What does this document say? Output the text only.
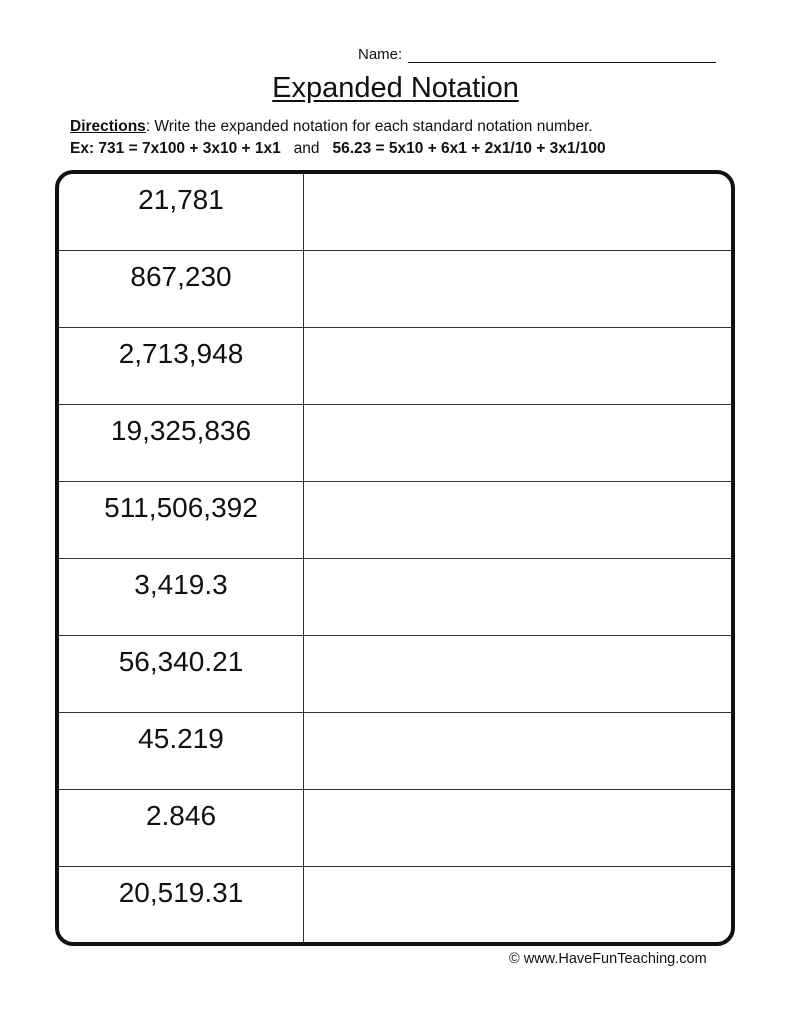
Name:
Expanded Notation
Directions: Write the expanded notation for each standard notation number.
Ex: 731 = 7x100 + 3x10 + 1x1   and   56.23 = 5x10 + 6x1 + 2x1/10 + 3x1/100
21,781
867,230
2,713,948
19,325,836
511,506,392
3,419.3
56,340.21
45.219
2.846
20,519.31
© www.HaveFunTeaching.com
